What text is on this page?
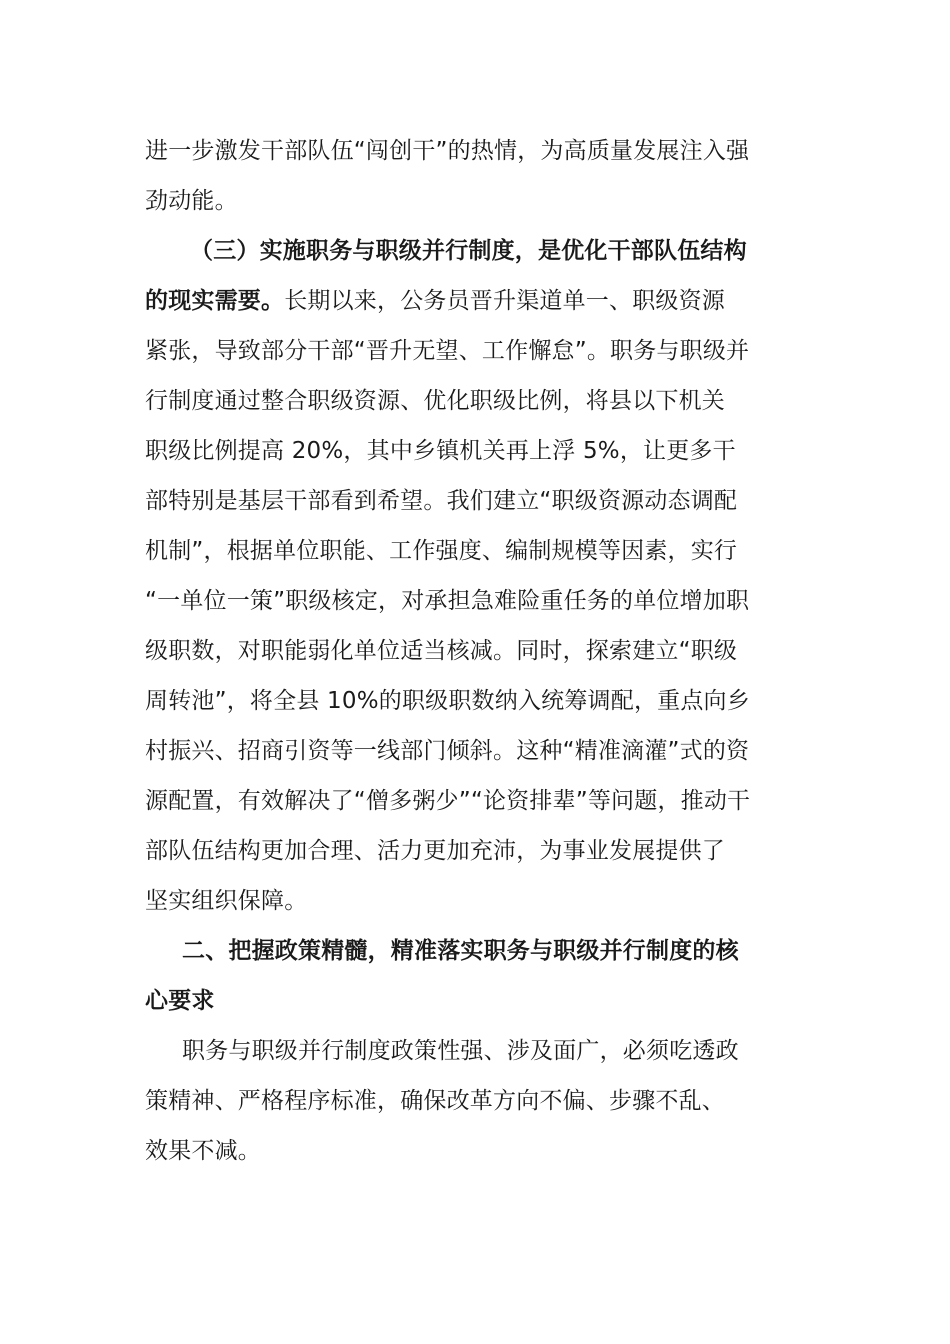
进一步激发干部队伍“闯创干”的热情，为高质量发展注入强
劲动能。
（三）实施职务与职级并行制度，是优化干部队伍结构
的现实需要。长期以来，公务员晋升渠道单一、职级资源
紧张，导致部分干部“晋升无望、工作懈怠”。职务与职级并
行制度通过整合职级资源、优化职级比例，将县以下机关
职级比例提高 20%，其中乡镇机关再上浮 5%，让更多干
部特别是基层干部看到希望。我们建立“职级资源动态调配
机制”，根据单位职能、工作强度、编制规模等因素，实行
“一单位一策”职级核定，对承担急难险重任务的单位增加职
级职数，对职能弱化单位适当核减。同时，探索建立“职级
周转池”，将全县 10%的职级职数纳入统筹调配，重点向乡
村振兴、招商引资等一线部门倾斜。这种“精准滴灌”式的资
源配置，有效解决了“僧多粥少”“论资排辈”等问题，推动干
部队伍结构更加合理、活力更加充沛，为事业发展提供了
坚实组织保障。
二、把握政策精髓，精准落实职务与职级并行制度的核
心要求
职务与职级并行制度政策性强、涉及面广，必须吃透政
策精神、严格程序标准，确保改革方向不偏、步骤不乱、
效果不减。
